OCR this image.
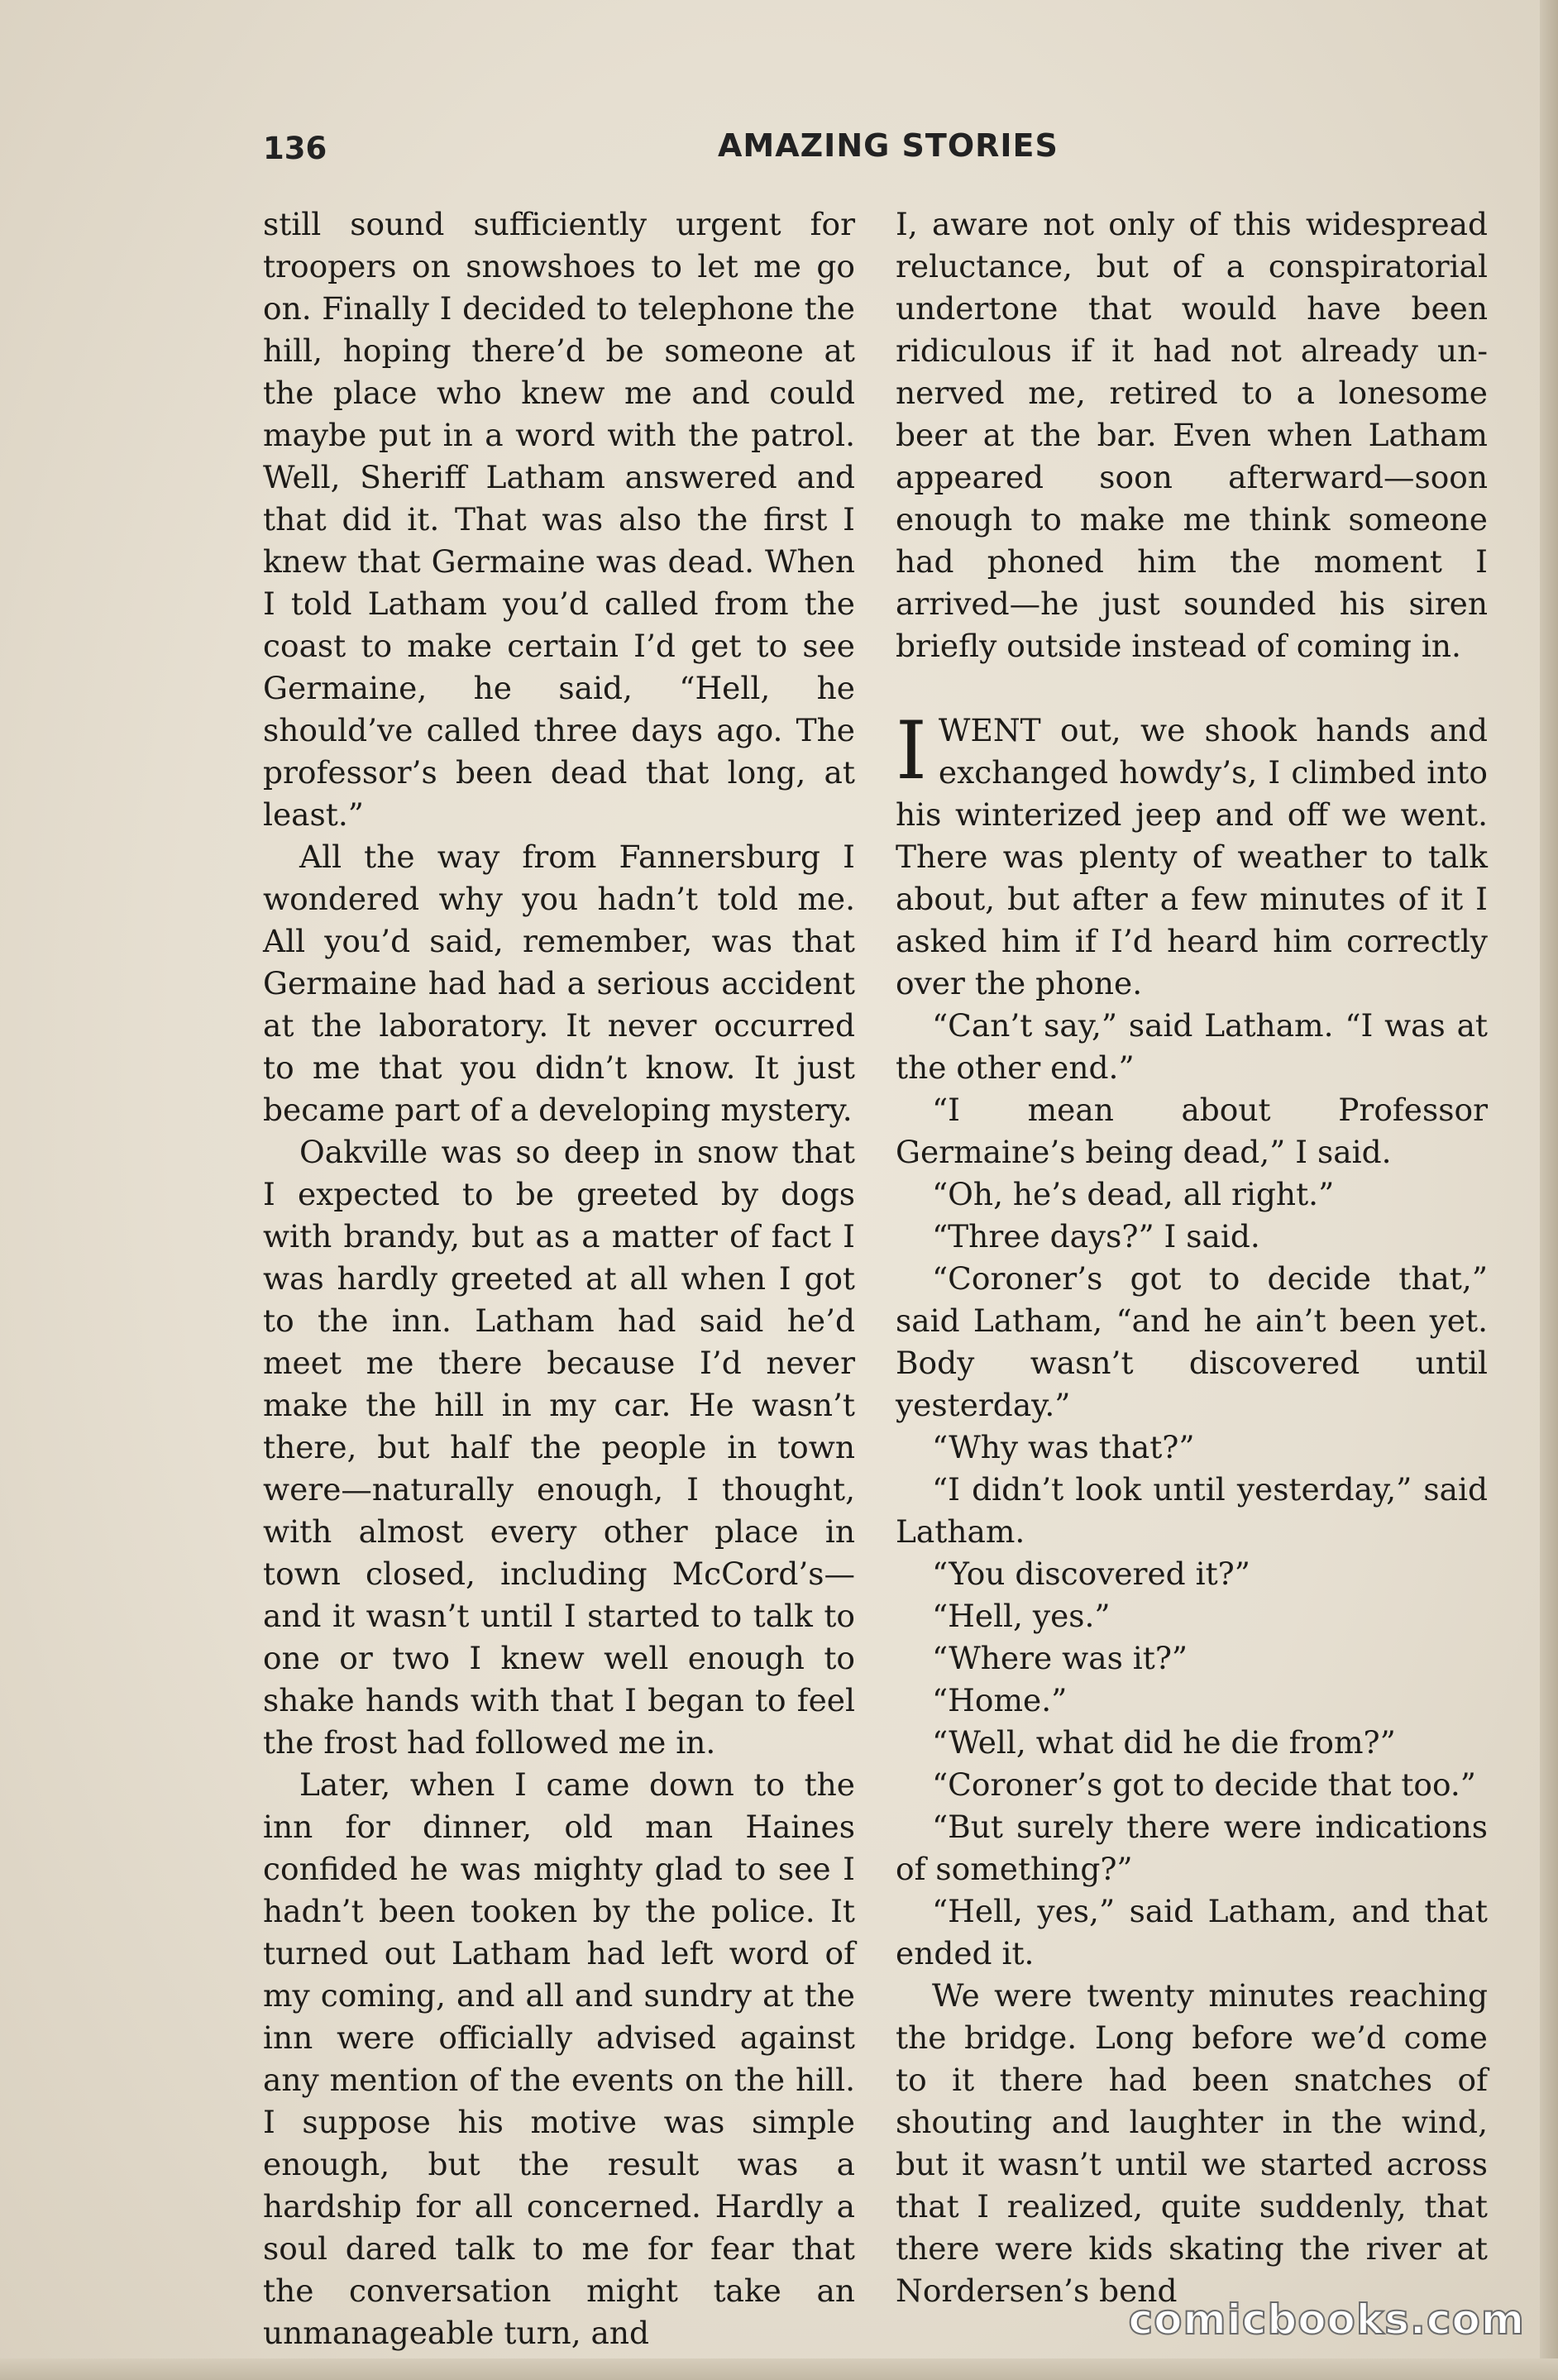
136	AMAZING STORIES

still sound sufficiently urgent for troopers on snowshoes to let me go on. Finally I decided to telephone the hill, hoping there’d be someone at the place who knew me and could maybe put in a word with the patrol. Well, Sheriff Latham answered and that did it. That was also the first I knew that Germaine was dead. When I told Latham you’d called from the coast to make certain I’d get to see Germaine, he said, “Hell, he should’ve called three days ago. The professor’s been dead that long, at least.”

All the way from Fannersburg I wondered why you hadn’t told me. All you’d said, remember, was that Germaine had had a serious accident at the laboratory. It never occurred to me that you didn’t know. It just became part of a developing mystery.

Oakville was so deep in snow that I expected to be greeted by dogs with brandy, but as a matter of fact I was hardly greeted at all when I got to the inn. Latham had said he’d meet me there because I’d never make the hill in my car. He wasn’t there, but half the people in town were—naturally enough, I thought, with almost every other place in town closed, including McCord’s—and it wasn’t until I started to talk to one or two I knew well enough to shake hands with that I began to feel the frost had followed me in.

Later, when I came down to the inn for dinner, old man Haines confided he was mighty glad to see I hadn’t been tooken by the police. It turned out Latham had left word of my coming, and all and sundry at the inn were officially advised against any mention of the events on the hill. I suppose his motive was simple enough, but the result was a hardship for all concerned. Hardly a soul dared talk to me for fear that the conversation might take an unmanageable turn, and

I, aware not only of this widespread reluctance, but of a conspiratorial undertone that would have been ridiculous if it had not already un-nerved me, retired to a lonesome beer at the bar. Even when Latham appeared soon afterward—soon enough to make me think someone had phoned him the moment I arrived—he just sounded his siren briefly outside instead of coming in.

IWENT out, we shook hands and exchanged howdy’s, I climbed into his winterized jeep and off we went. There was plenty of weather to talk about, but after a few minutes of it I asked him if I’d heard him correctly over the phone.

“Can’t say,” said Latham. “I was at the other end.”

“I mean about Professor Germaine’s being dead,” I said.

“Oh, he’s dead, all right.”

“Three days?” I said.

“Coroner’s got to decide that,” said Latham, “and he ain’t been yet. Body wasn’t discovered until yesterday.”

“Why was that?”

“I didn’t look until yesterday,” said Latham.

“You discovered it?”

“Hell, yes.”

“Where was it?”

“Home.”

“Well, what did he die from?”

“Coroner’s got to decide that too.”

“But surely there were indications of something?”

“Hell, yes,” said Latham, and that ended it.

We were twenty minutes reaching the bridge. Long before we’d come to it there had been snatches of shouting and laughter in the wind, but it wasn’t until we started across that I realized, quite suddenly, that there were kids skating the river at Nordersen’s bend

comicbooks.com
